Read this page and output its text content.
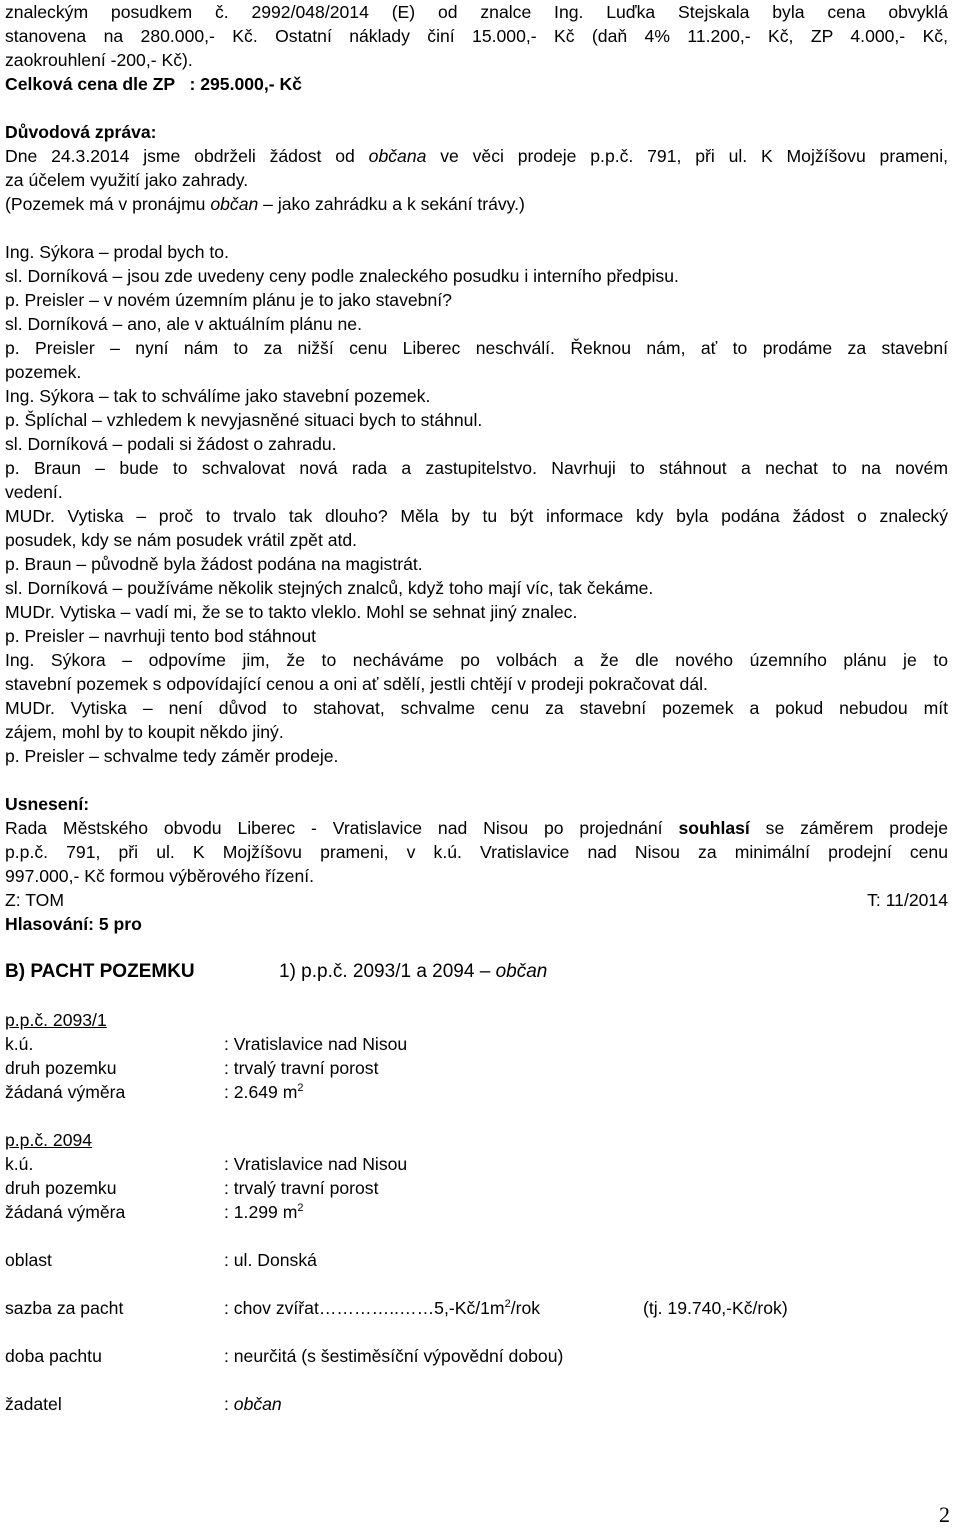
znaleckým posudkem č. 2992/048/2014 (E) od znalce Ing. Luďka Stejskala byla cena obvyklá
stanovena na 280.000,- Kč. Ostatní náklady činí 15.000,- Kč (daň 4% 11.200,- Kč, ZP 4.000,- Kč,
zaokrouhlení -200,- Kč).
Celková cena dle ZP   : 295.000,- Kč
Důvodová zpráva:
Dne 24.3.2014 jsme obdrželi žádost od občana ve věci prodeje p.p.č. 791, při ul. K Mojžíšovu prameni,
za účelem využití jako zahrady.
(Pozemek má v pronájmu občan – jako zahrádku a k sekání trávy.)
Ing. Sýkora – prodal bych to.
sl. Dorníková – jsou zde uvedeny ceny podle znaleckého posudku i interního předpisu.
p. Preisler – v novém územním plánu je to jako stavební?
sl. Dorníková – ano, ale v aktuálním plánu ne.
p. Preisler – nyní nám to za nižší cenu Liberec neschválí. Řeknou nám, ať to prodáme za stavební
pozemek.
Ing. Sýkora – tak to schválíme jako stavební pozemek.
p. Šplíchal – vzhledem k nevyjasněné situaci bych to stáhnul.
sl. Dorníková – podali si žádost o zahradu.
p. Braun – bude to schvalovat nová rada a zastupitelstvo. Navrhuji to stáhnout a nechat to na novém
vedení.
MUDr. Vytiska – proč to trvalo tak dlouho? Měla by tu být informace kdy byla podána žádost o znalecký
posudek, kdy se nám posudek vrátil zpět atd.
p. Braun – původně byla žádost podána na magistrát.
sl. Dorníková – používáme několik stejných znalců, když toho mají víc, tak čekáme.
MUDr. Vytiska – vadí mi, že se to takto vleklo. Mohl se sehnat jiný znalec.
p. Preisler – navrhuji tento bod stáhnout
Ing. Sýkora – odpovíme jim, že to necháváme po volbách a že dle nového územního plánu je to
stavební pozemek s odpovídající cenou a oni ať sdělí, jestli chtějí v prodeji pokračovat dál.
MUDr. Vytiska – není důvod to stahovat, schvalme cenu za stavební pozemek a pokud nebudou mít
zájem, mohl by to koupit někdo jiný.
p. Preisler – schvalme tedy záměr prodeje.
Usnesení:
Rada Městského obvodu Liberec - Vratislavice nad Nisou po projednání souhlasí se záměrem prodeje
p.p.č. 791, při ul. K Mojžíšovu prameni, v k.ú. Vratislavice nad Nisou za minimální prodejní cenu
997.000,- Kč formou výběrového řízení.
Z: TOM	T: 11/2014
Hlasování: 5 pro
B) PACHT POZEMKU	1) p.p.č. 2093/1 a 2094 – občan
p.p.č. 2093/1
k.ú.	: Vratislavice nad Nisou
druh pozemku	: trvalý travní porost
žádaná výměra	: 2.649 $m^2$
p.p.č. 2094
k.ú.	: Vratislavice nad Nisou
druh pozemku	: trvalý travní porost
žádaná výměra	: 1.299 $m^2$
oblast	: ul. Donská
sazba za pacht	: chov $zvířat\dots\dots\dots\dots..\dots\dots 5,-Kč/1m^2$/rok	(tj. 19.740,-Kč/rok)
doba pachtu	: neurčitá (s šestiměsíční výpovědní dobou)
žadatel	: občan
2
